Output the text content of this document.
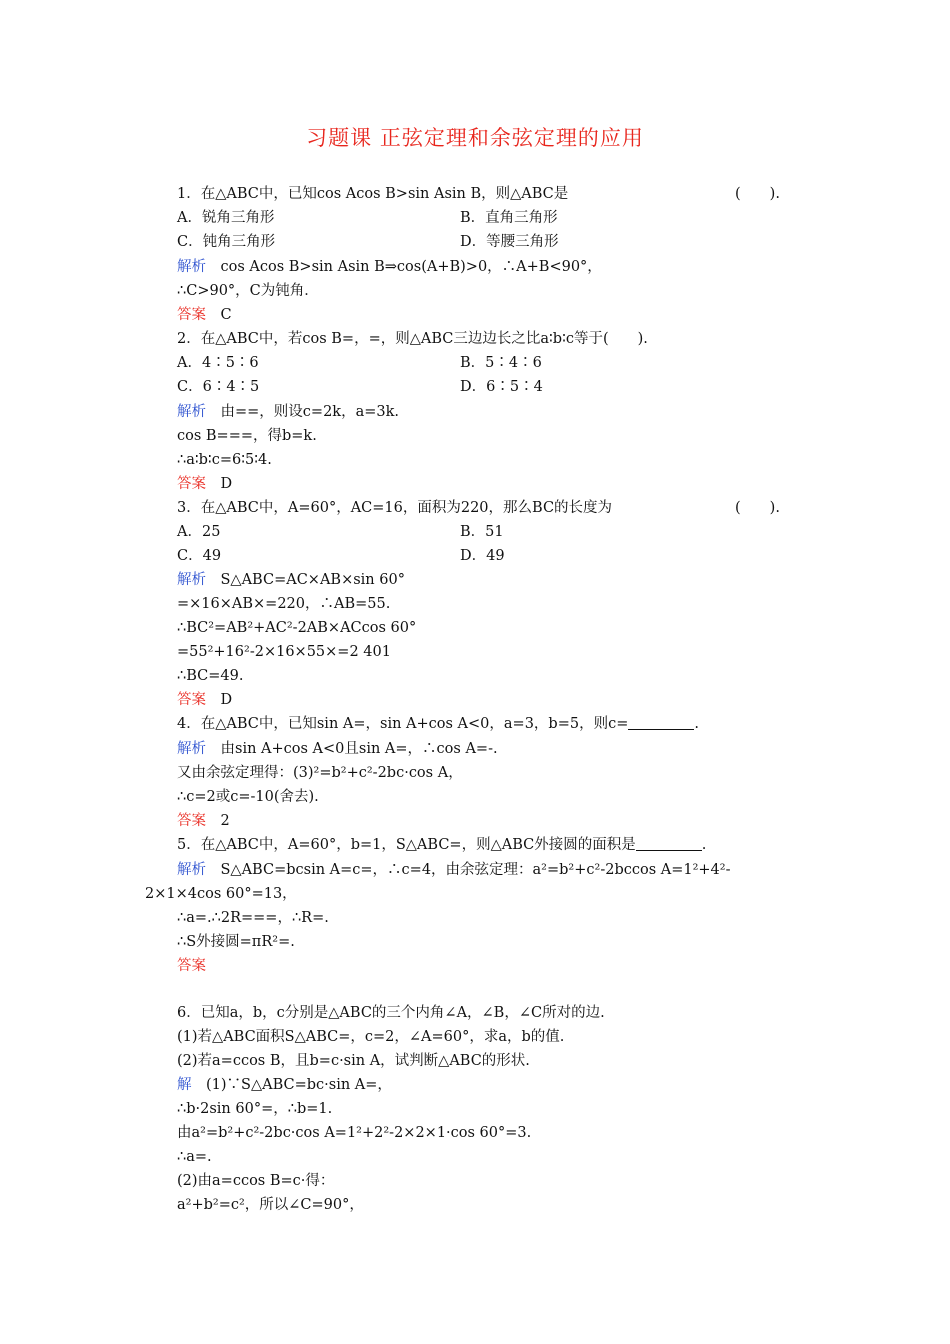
习题课 正弦定理和余弦定理的应用
1．在△ABC中，已知cos Acos B>sin Asin B，则△ABC是	(　　).
A．锐角三角形	B．直角三角形
C．钝角三角形	D．等腰三角形
解析　cos Acos B>sin Asin B⇒cos(A+B)>0，∴A+B<90°，
∴C>90°，C为钝角．
答案　C
2．在△ABC中，若cos B=，=，则△ABC三边边长之比a∶b∶c等于(　　).
A．4∶5∶6	B．5∶4∶6
C．6∶4∶5	D．6∶5∶4
解析　由==，则设c=2k，a=3k.
cos B===，得b=k.
∴a∶b∶c=6∶5∶4.
答案　D
3．在△ABC中，A=60°，AC=16，面积为220，那么BC的长度为	(　　).
A．25	B．51
C．49	D．49
解析　S△ABC=AC×AB×sin 60°
=×16×AB×=220，∴AB=55.
∴BC²=AB²+AC²-2AB×ACcos 60°
=55²+16²-2×16×55×=2 401
∴BC=49.
答案　D
4．在△ABC中，已知sin A=，sin A+cos A<0，a=3，b=5，则c=	.
解析　由sin A+cos A<0且sin A=，∴cos A=-.
又由余弦定理得：(3)²=b²+c²-2bc·cos A，
∴c=2或c=-10(舍去).
答案　2
5．在△ABC中，A=60°，b=1，S△ABC=，则△ABC外接圆的面积是	.
解析　S△ABC=bcsin A=c=，∴c=4，由余弦定理：a²=b²+c²-2bccos A=1²+4²-
2×1×4cos 60°=13，
∴a=.∴2R===，∴R=.
∴S外接圆=πR²=.
答案
6．已知a，b，c分别是△ABC的三个内角∠A，∠B，∠C所对的边.
(1)若△ABC面积S△ABC=，c=2，∠A=60°，求a，b的值.
(2)若a=ccos B，且b=c·sin A，试判断△ABC的形状.
解　(1)∵S△ABC=bc·sin A=，
∴b·2sin 60°=，∴b=1.
由a²=b²+c²-2bc·cos A=1²+2²-2×2×1·cos 60°=3.
∴a=.
(2)由a=ccos B=c·得：
a²+b²=c²，所以∠C=90°，
